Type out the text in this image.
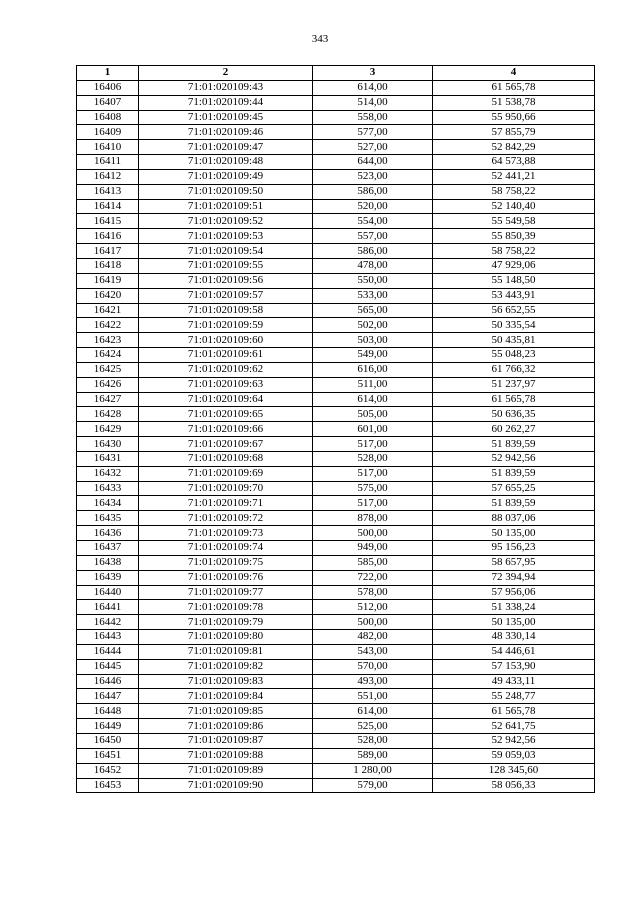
343
1	2	3	4
16406	71:01:020109:43	614,00	61 565,78
16407	71:01:020109:44	514,00	51 538,78
16408	71:01:020109:45	558,00	55 950,66
16409	71:01:020109:46	577,00	57 855,79
16410	71:01:020109:47	527,00	52 842,29
16411	71:01:020109:48	644,00	64 573,88
16412	71:01:020109:49	523,00	52 441,21
16413	71:01:020109:50	586,00	58 758,22
16414	71:01:020109:51	520,00	52 140,40
16415	71:01:020109:52	554,00	55 549,58
16416	71:01:020109:53	557,00	55 850,39
16417	71:01:020109:54	586,00	58 758,22
16418	71:01:020109:55	478,00	47 929,06
16419	71:01:020109:56	550,00	55 148,50
16420	71:01:020109:57	533,00	53 443,91
16421	71:01:020109:58	565,00	56 652,55
16422	71:01:020109:59	502,00	50 335,54
16423	71:01:020109:60	503,00	50 435,81
16424	71:01:020109:61	549,00	55 048,23
16425	71:01:020109:62	616,00	61 766,32
16426	71:01:020109:63	511,00	51 237,97
16427	71:01:020109:64	614,00	61 565,78
16428	71:01:020109:65	505,00	50 636,35
16429	71:01:020109:66	601,00	60 262,27
16430	71:01:020109:67	517,00	51 839,59
16431	71:01:020109:68	528,00	52 942,56
16432	71:01:020109:69	517,00	51 839,59
16433	71:01:020109:70	575,00	57 655,25
16434	71:01:020109:71	517,00	51 839,59
16435	71:01:020109:72	878,00	88 037,06
16436	71:01:020109:73	500,00	50 135,00
16437	71:01:020109:74	949,00	95 156,23
16438	71:01:020109:75	585,00	58 657,95
16439	71:01:020109:76	722,00	72 394,94
16440	71:01:020109:77	578,00	57 956,06
16441	71:01:020109:78	512,00	51 338,24
16442	71:01:020109:79	500,00	50 135,00
16443	71:01:020109:80	482,00	48 330,14
16444	71:01:020109:81	543,00	54 446,61
16445	71:01:020109:82	570,00	57 153,90
16446	71:01:020109:83	493,00	49 433,11
16447	71:01:020109:84	551,00	55 248,77
16448	71:01:020109:85	614,00	61 565,78
16449	71:01:020109:86	525,00	52 641,75
16450	71:01:020109:87	528,00	52 942,56
16451	71:01:020109:88	589,00	59 059,03
16452	71:01:020109:89	1 280,00	128 345,60
16453	71:01:020109:90	579,00	58 056,33
